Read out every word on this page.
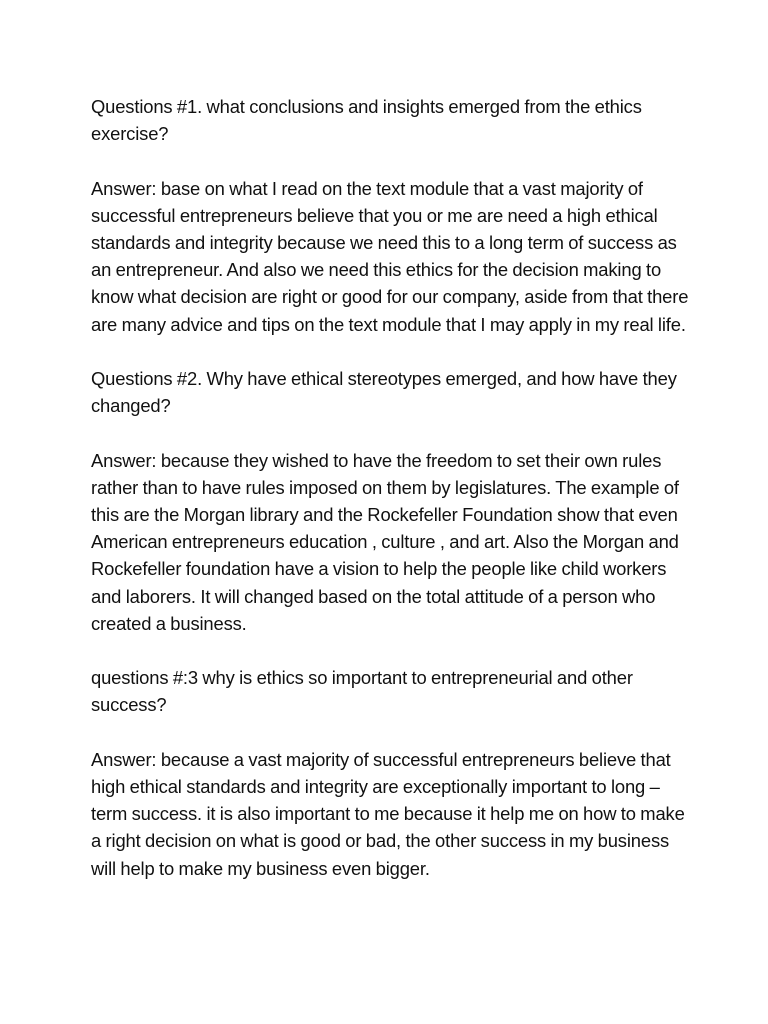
Questions #1. what conclusions and insights emerged from the ethics exercise?

Answer: base on what I read on the text module that a vast majority of successful entrepreneurs believe that you or me are need a high ethical standards and integrity because we need this to a long term of success as an entrepreneur. And also we need this ethics for the decision making to know what decision are right or good for our company, aside from that there are many advice and tips on the text module that I may apply in my real life.

Questions #2. Why have ethical stereotypes emerged, and how have they changed?

Answer: because they wished to have the freedom to set their own rules rather than to have rules imposed on them by legislatures. The example of this are the Morgan library and the Rockefeller Foundation show that even American entrepreneurs education , culture , and art. Also the Morgan and Rockefeller foundation have a vision to help the people like child workers and laborers. It will changed based on the total attitude of a person who created a business.

questions #:3 why is ethics so important to entrepreneurial and other success?

Answer: because a vast majority of successful entrepreneurs believe that high ethical standards and integrity are exceptionally important to long – term success. it is also important to me because it help me on how to make a right decision on what is good or bad, the other success in my business will help to make my business even bigger.
